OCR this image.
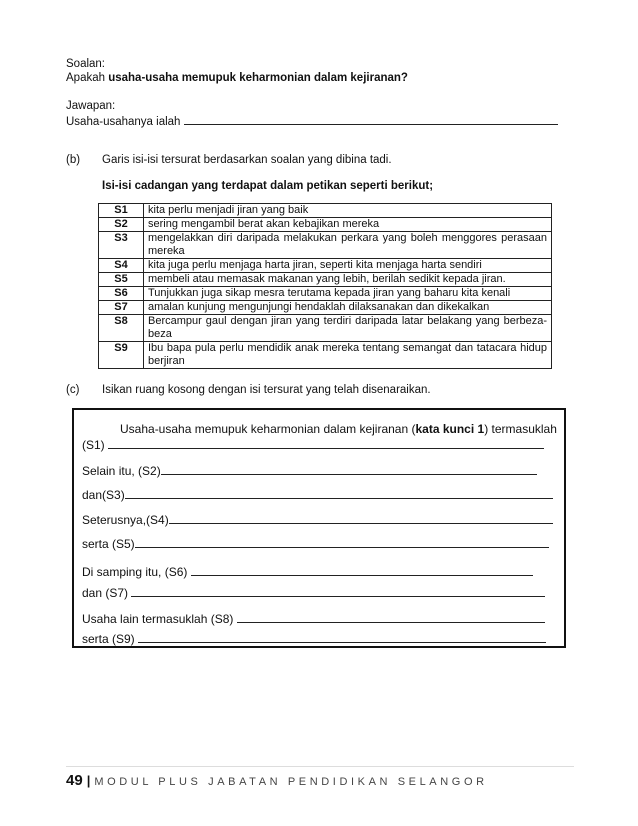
Soalan:
Apakah usaha-usaha memupuk keharmonian dalam kejiranan?
Jawapan:
Usaha-usahanya ialah
(b) Garis isi-isi tersurat berdasarkan soalan yang dibina tadi.
Isi-isi cadangan yang terdapat dalam petikan seperti berikut;
S1	kita perlu menjadi jiran yang baik
S2	sering mengambil berat akan kebajikan mereka
S3	mengelakkan diri daripada melakukan perkara yang boleh menggores perasaan mereka
S4	kita juga perlu menjaga harta jiran, seperti kita menjaga harta sendiri
S5	membeli atau memasak makanan yang lebih, berilah sedikit kepada jiran.
S6	Tunjukkan juga sikap mesra terutama kepada jiran yang baharu kita kenali
S7	amalan kunjung mengunjungi hendaklah dilaksanakan dan dikekalkan
S8	Bercampur gaul dengan jiran yang terdiri daripada latar belakang yang berbeza-beza
S9	Ibu bapa pula perlu mendidik anak mereka tentang semangat dan tatacara hidup berjiran
(c) Isikan ruang kosong dengan isi tersurat yang telah disenaraikan.
Usaha-usaha memupuk keharmonian dalam kejiranan (kata kunci 1) termasuklah
(S1)
Selain itu, (S2)
dan(S3)
Seterusnya,(S4)
serta (S5)
Di samping itu, (S6)
dan (S7)
Usaha lain termasuklah (S8)
serta (S9)
49 | MODUL PLUS JABATAN PENDIDIKAN SELANGOR
